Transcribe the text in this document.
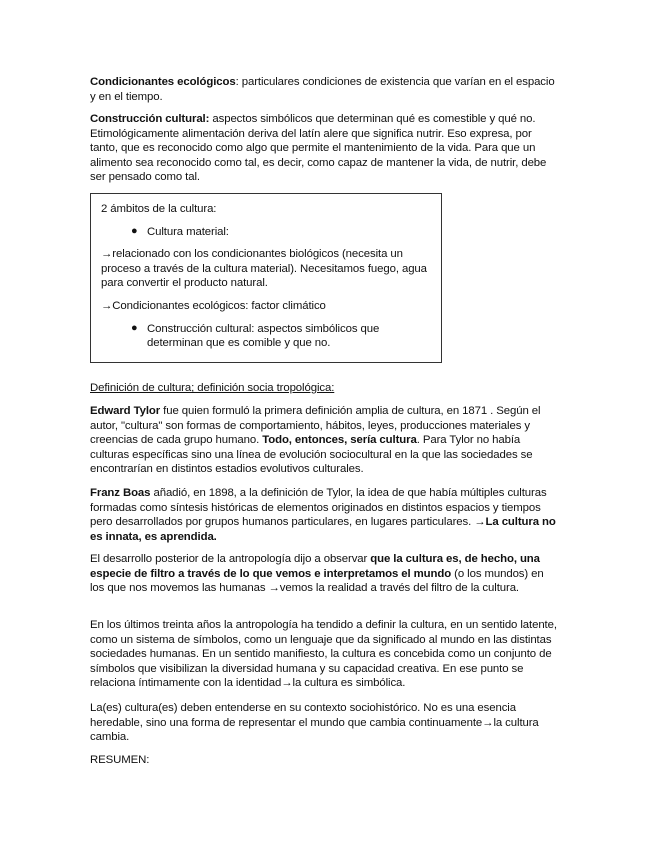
Condicionantes ecológicos: particulares condiciones de existencia que varían en el espacio y en el tiempo.

Construcción cultural: aspectos simbólicos que determinan qué es comestible y qué no. Etimológicamente alimentación deriva del latín alere que significa nutrir. Eso expresa, por tanto, que es reconocido como algo que permite el mantenimiento de la vida. Para que un alimento sea reconocido como tal, es decir, como capaz de mantener la vida, de nutrir, debe ser pensado como tal.

2 ámbitos de la cultura:

● Cultura material:

→relacionado con los condicionantes biológicos (necesita un proceso a través de la cultura material). Necesitamos fuego, agua para convertir el producto natural.

→Condicionantes ecológicos: factor climático

● Construcción cultural: aspectos simbólicos que determinan que es comible y que no.

Definición de cultura; definición socia tropológica:

Edward Tylor fue quien formuló la primera definición amplia de cultura, en 1871 . Según el autor, "cultura" son formas de comportamiento, hábitos, leyes, producciones materiales y creencias de cada grupo humano. Todo, entonces, sería cultura. Para Tylor no había culturas específicas sino una línea de evolución sociocultural en la que las sociedades se encontrarían en distintos estadios evolutivos culturales.

Franz Boas añadió, en 1898, a la definición de Tylor, la idea de que había múltiples culturas formadas como síntesis históricas de elementos originados en distintos espacios y tiempos pero desarrollados por grupos humanos particulares, en lugares particulares. →La cultura no es innata, es aprendida.

El desarrollo posterior de la antropología dijo a observar que la cultura es, de hecho, una especie de filtro a través de lo que vemos e interpretamos el mundo (o los mundos) en los que nos movemos las humanas →vemos la realidad a través del filtro de la cultura.

En los últimos treinta años la antropología ha tendido a definir la cultura, en un sentido latente, como un sistema de símbolos, como un lenguaje que da significado al mundo en las distintas sociedades humanas. En un sentido manifiesto, la cultura es concebida como un conjunto de símbolos que visibilizan la diversidad humana y su capacidad creativa. En ese punto se relaciona íntimamente con la identidad→la cultura es simbólica.

La(es) cultura(es) deben entenderse en su contexto sociohistórico. No es una esencia heredable, sino una forma de representar el mundo que cambia continuamente→la cultura cambia.

RESUMEN:
